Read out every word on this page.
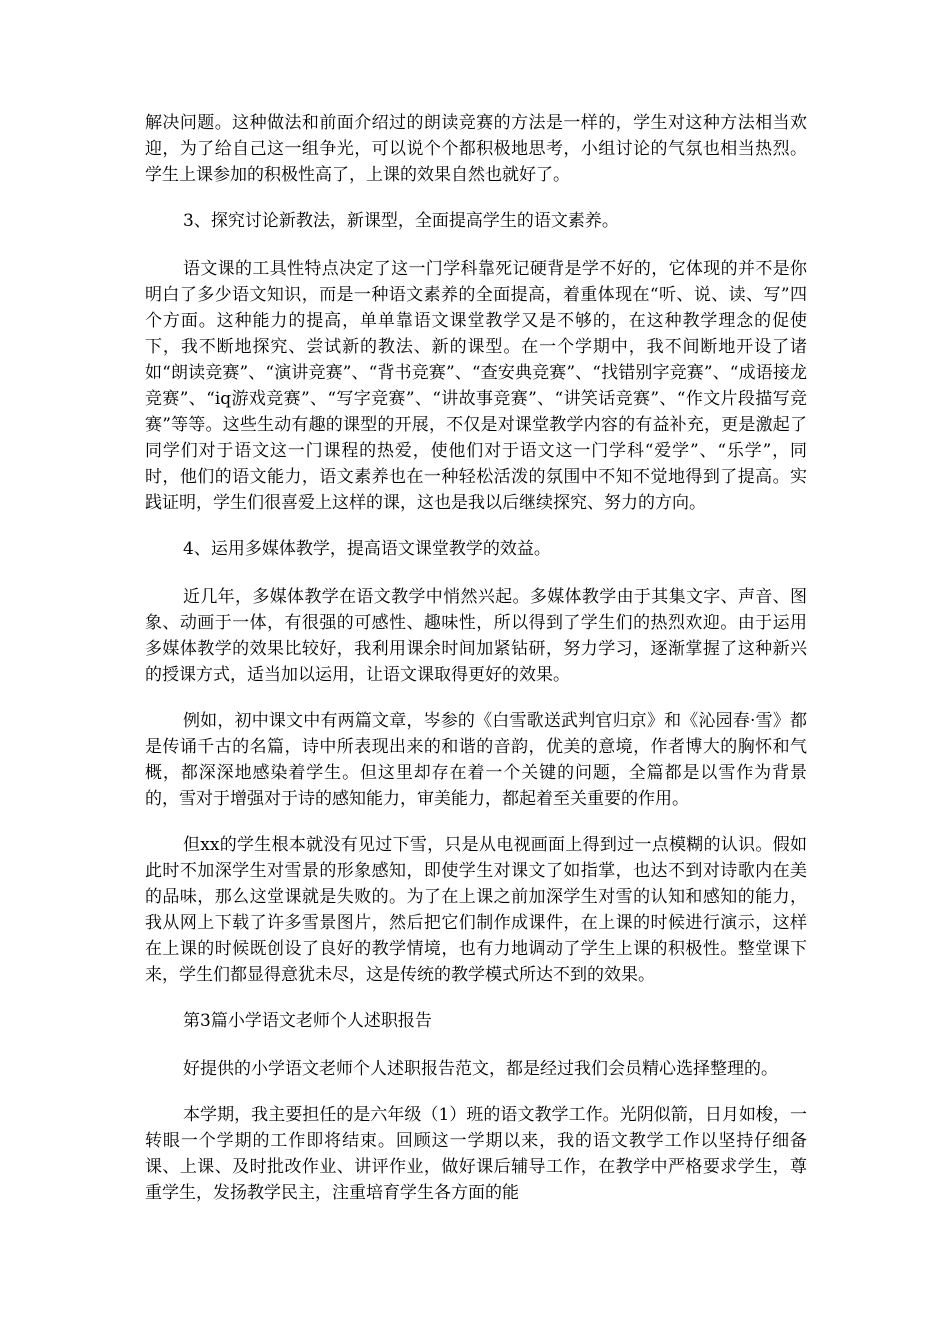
解决问题。这种做法和前面介绍过的朗读竞赛的方法是一样的，学生对这种方法相当欢迎，为了给自己这一组争光，可以说个个都积极地思考，小组讨论的气氛也相当热烈。学生上课参加的积极性高了，上课的效果自然也就好了。

3、探究讨论新教法，新课型，全面提高学生的语文素养。

语文课的工具性特点决定了这一门学科靠死记硬背是学不好的，它体现的并不是你明白了多少语文知识，而是一种语文素养的全面提高，着重体现在“听、说、读、写”四个方面。这种能力的提高，单单靠语文课堂教学又是不够的，在这种教学理念的促使下，我不断地探究、尝试新的教法、新的课型。在一个学期中，我不间断地开设了诸如“朗读竞赛”、“演讲竞赛”、“背书竞赛”、“查安典竞赛”、“找错别字竞赛”、“成语接龙竞赛”、“iq游戏竞赛”、“写字竞赛”、“讲故事竞赛”、“讲笑话竞赛”、“作文片段描写竞赛”等等。这些生动有趣的课型的开展，不仅是对课堂教学内容的有益补充，更是激起了同学们对于语文这一门课程的热爱，使他们对于语文这一门学科“爱学”、“乐学”，同时，他们的语文能力，语文素养也在一种轻松活泼的氛围中不知不觉地得到了提高。实践证明，学生们很喜爱上这样的课，这也是我以后继续探究、努力的方向。

4、运用多媒体教学，提高语文课堂教学的效益。

近几年，多媒体教学在语文教学中悄然兴起。多媒体教学由于其集文字、声音、图象、动画于一体，有很强的可感性、趣味性，所以得到了学生们的热烈欢迎。由于运用多媒体教学的效果比较好，我利用课余时间加紧钻研，努力学习，逐渐掌握了这种新兴的授课方式，适当加以运用，让语文课取得更好的效果。

例如，初中课文中有两篇文章，岑参的《白雪歌送武判官归京》和《沁园春·雪》都是传诵千古的名篇，诗中所表现出来的和谐的音韵，优美的意境，作者博大的胸怀和气概，都深深地感染着学生。但这里却存在着一个关键的问题，全篇都是以雪作为背景的，雪对于增强对于诗的感知能力，审美能力，都起着至关重要的作用。

但xx的学生根本就没有见过下雪，只是从电视画面上得到过一点模糊的认识。假如此时不加深学生对雪景的形象感知，即使学生对课文了如指掌，也达不到对诗歌内在美的品味，那么这堂课就是失败的。为了在上课之前加深学生对雪的认知和感知的能力，我从网上下载了许多雪景图片，然后把它们制作成课件，在上课的时候进行演示，这样在上课的时候既创设了良好的教学情境，也有力地调动了学生上课的积极性。整堂课下来，学生们都显得意犹未尽，这是传统的教学模式所达不到的效果。

第3篇小学语文老师个人述职报告

好提供的小学语文老师个人述职报告范文，都是经过我们会员精心选择整理的。

本学期，我主要担任的是六年级（1）班的语文教学工作。光阴似箭，日月如梭，一转眼一个学期的工作即将结束。回顾这一学期以来，我的语文教学工作以坚持仔细备课、上课、及时批改作业、讲评作业，做好课后辅导工作，在教学中严格要求学生，尊重学生，发扬教学民主，注重培育学生各方面的能
